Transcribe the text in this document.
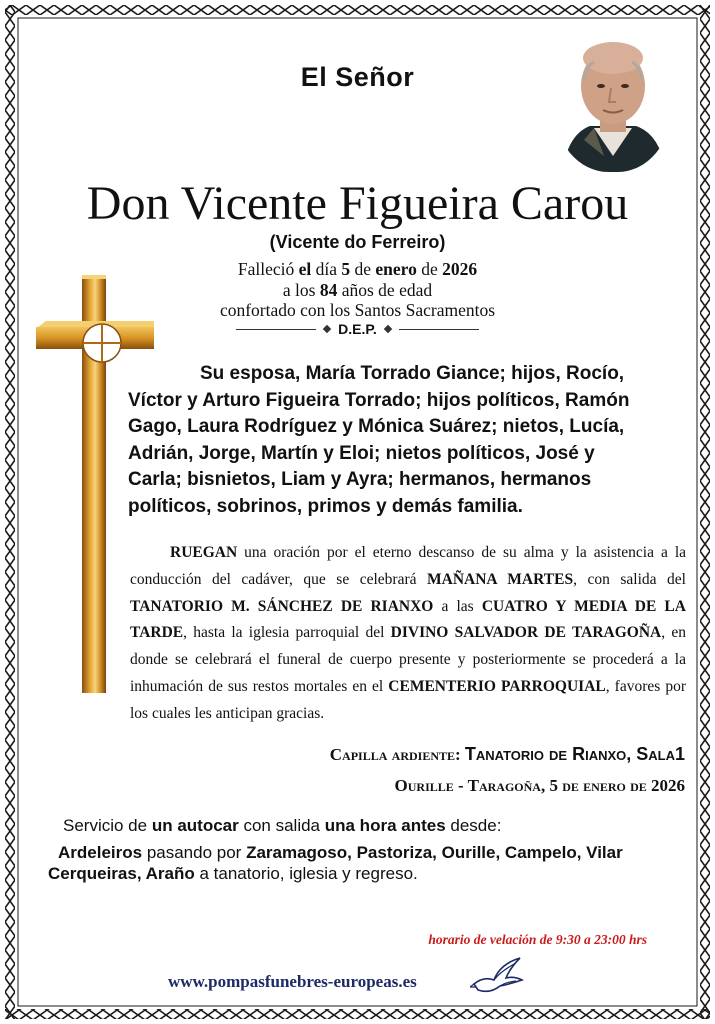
El Señor
Don Vicente Figueira Carou
(Vicente do Ferreiro)
Falleció el día 5 de enero de 2026
a los 84 años de edad
confortado con los Santos Sacramentos
D.E.P.
Su esposa, María Torrado Giance; hijos, Rocío,
Víctor y Arturo Figueira Torrado; hijos políticos, Ramón
Gago, Laura Rodríguez y Mónica Suárez; nietos, Lucía,
Adrián, Jorge, Martín y Eloi; nietos políticos, José y
Carla; bisnietos, Liam y Ayra; hermanos, hermanos
políticos, sobrinos, primos y demás familia.
RUEGAN una oración por el eterno descanso de su alma y la asistencia a la conducción del cadáver, que se celebrará MAÑANA MARTES, con salida del TANATORIO M. SÁNCHEZ DE RIANXO a las CUATRO Y MEDIA DE LA TARDE, hasta la iglesia parroquial del DIVINO SALVADOR DE TARAGOÑA, en donde se celebrará el funeral de cuerpo presente y posteriormente se procederá a la inhumación de sus restos mortales en el CEMENTERIO PARROQUIAL, favores por los cuales les anticipan gracias.
Capilla ardiente: Tanatorio de Rianxo, Sala1
Ourille - Taragoña, 5 de enero de 2026
Servicio de un autocar con salida una hora antes desde:
Ardeleiros pasando por Zaramagoso, Pastoriza, Ourille, Campelo, Vilar Cerqueiras, Araño a tanatorio, iglesia y regreso.
horario de velación de 9:30 a 23:00 hrs
www.pompasfunebres-europeas.es
